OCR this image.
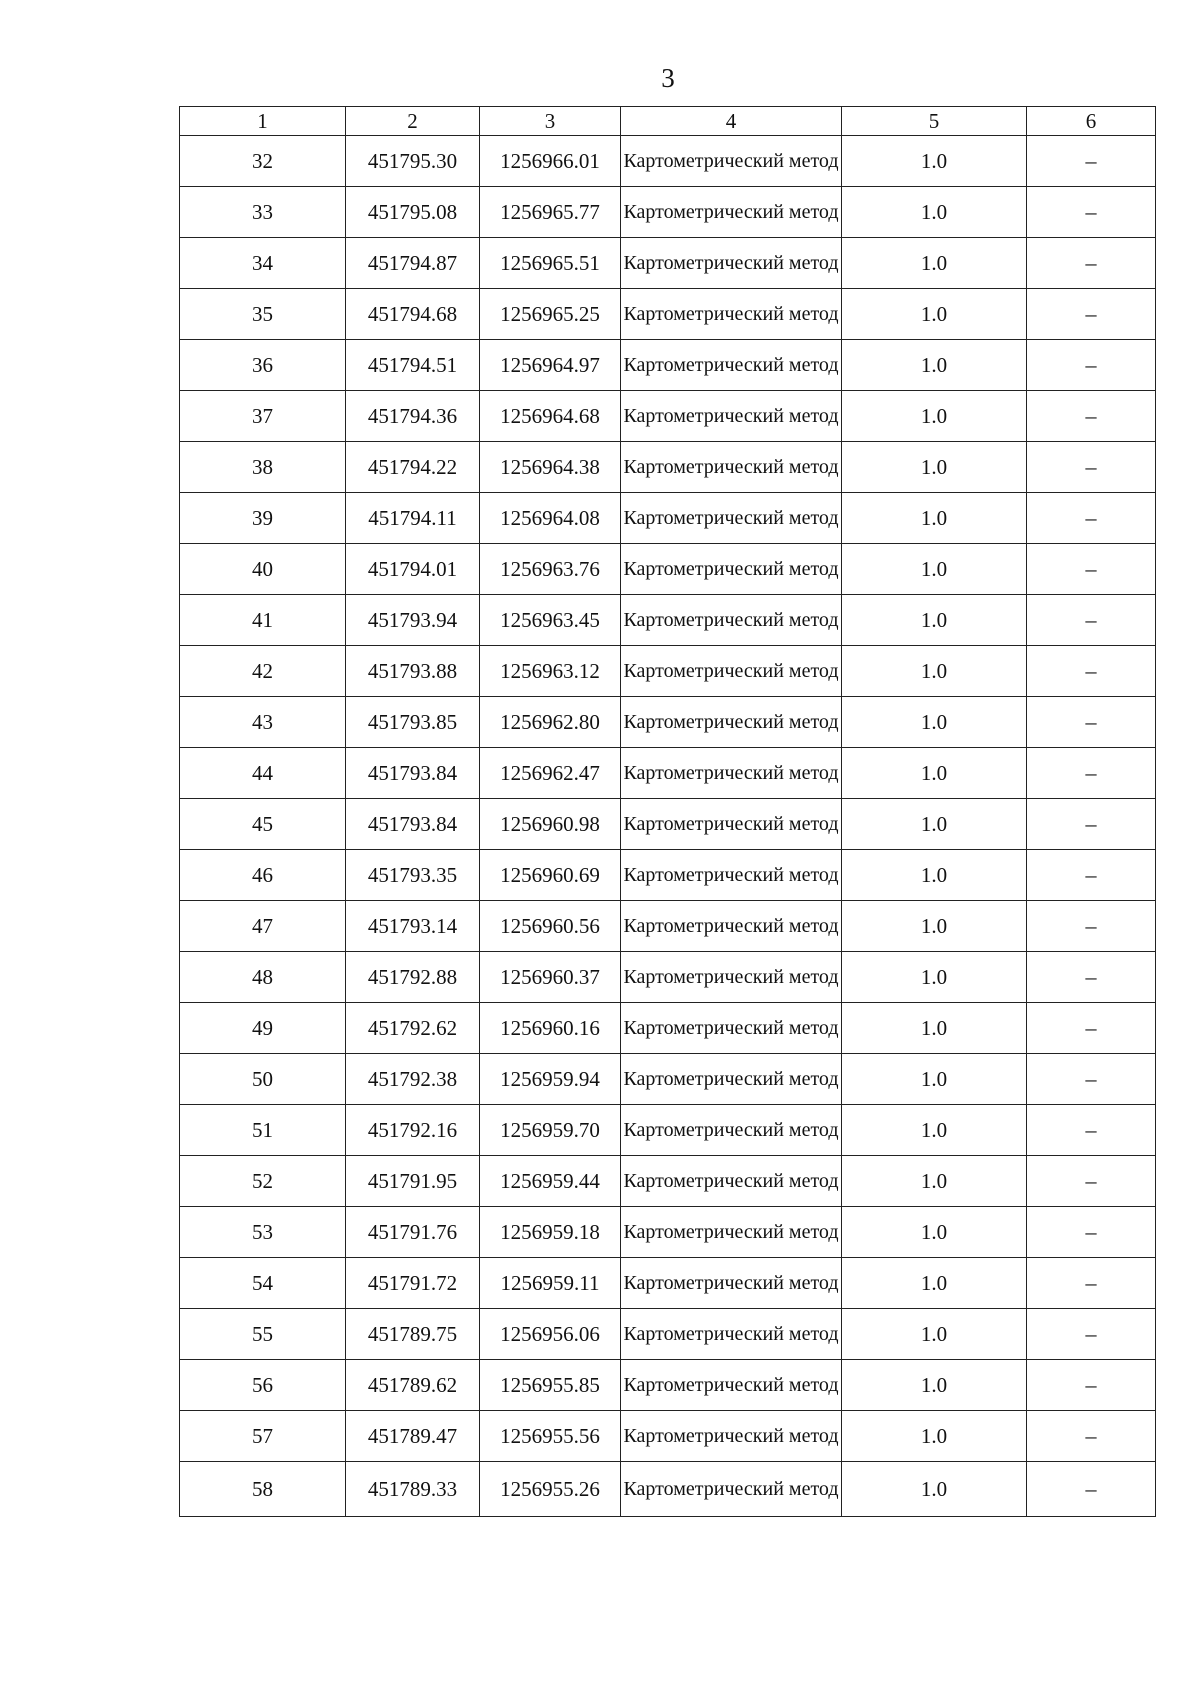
3
1	2	3	4	5	6
32	451795.30	1256966.01	Картометрический метод	1.0	–
33	451795.08	1256965.77	Картометрический метод	1.0	–
34	451794.87	1256965.51	Картометрический метод	1.0	–
35	451794.68	1256965.25	Картометрический метод	1.0	–
36	451794.51	1256964.97	Картометрический метод	1.0	–
37	451794.36	1256964.68	Картометрический метод	1.0	–
38	451794.22	1256964.38	Картометрический метод	1.0	–
39	451794.11	1256964.08	Картометрический метод	1.0	–
40	451794.01	1256963.76	Картометрический метод	1.0	–
41	451793.94	1256963.45	Картометрический метод	1.0	–
42	451793.88	1256963.12	Картометрический метод	1.0	–
43	451793.85	1256962.80	Картометрический метод	1.0	–
44	451793.84	1256962.47	Картометрический метод	1.0	–
45	451793.84	1256960.98	Картометрический метод	1.0	–
46	451793.35	1256960.69	Картометрический метод	1.0	–
47	451793.14	1256960.56	Картометрический метод	1.0	–
48	451792.88	1256960.37	Картометрический метод	1.0	–
49	451792.62	1256960.16	Картометрический метод	1.0	–
50	451792.38	1256959.94	Картометрический метод	1.0	–
51	451792.16	1256959.70	Картометрический метод	1.0	–
52	451791.95	1256959.44	Картометрический метод	1.0	–
53	451791.76	1256959.18	Картометрический метод	1.0	–
54	451791.72	1256959.11	Картометрический метод	1.0	–
55	451789.75	1256956.06	Картометрический метод	1.0	–
56	451789.62	1256955.85	Картометрический метод	1.0	–
57	451789.47	1256955.56	Картометрический метод	1.0	–
58	451789.33	1256955.26	Картометрический метод	1.0	–
